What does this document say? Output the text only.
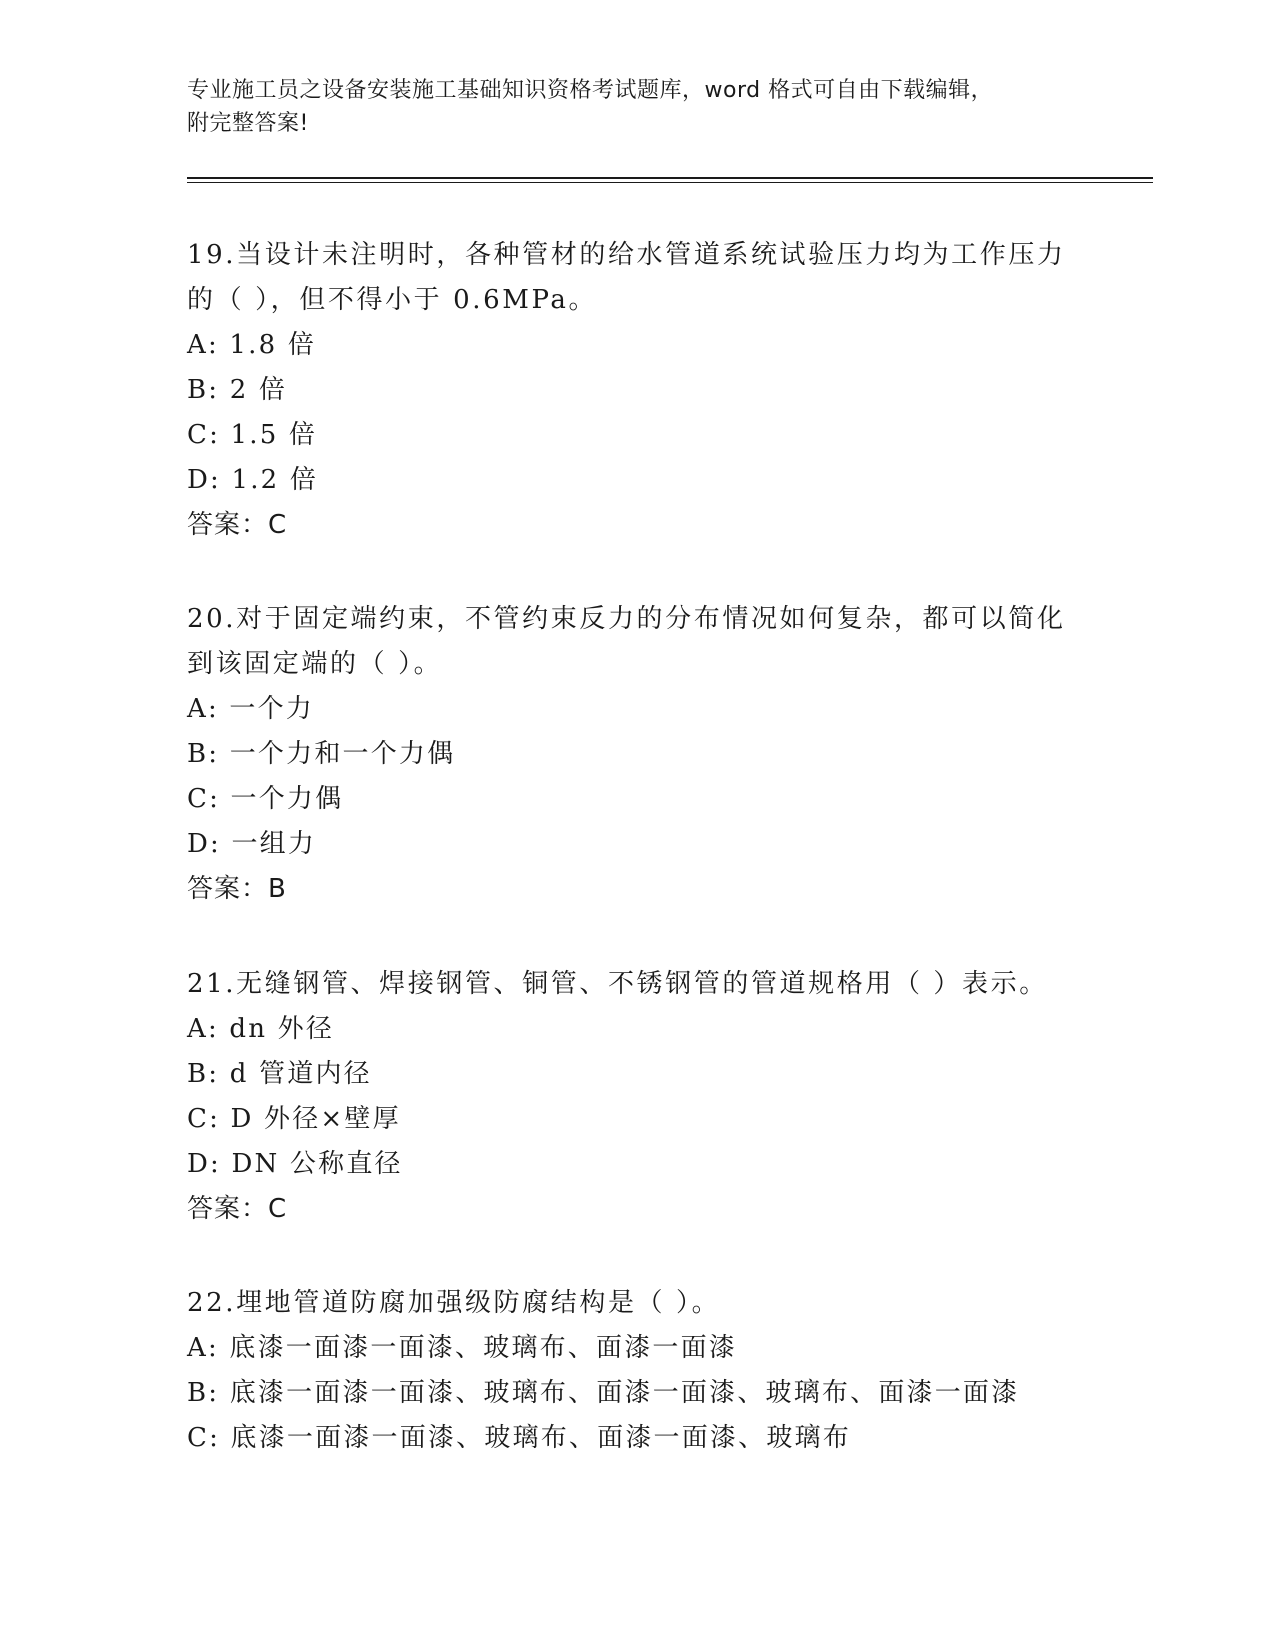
专业施工员之设备安装施工基础知识资格考试题库，word 格式可自由下载编辑，
附完整答案!

19.当设计未注明时，各种管材的给水管道系统试验压力均为工作压力

的（ ），但不得小于 0.6MPa。

A: 1.8 倍

B: 2 倍

C: 1.5 倍

D: 1.2 倍

答案：C

20.对于固定端约束，不管约束反力的分布情况如何复杂，都可以简化

到该固定端的（ ）。

A: 一个力

B: 一个力和一个力偶

C: 一个力偶

D: 一组力

答案：B

21.无缝钢管、焊接钢管、铜管、不锈钢管的管道规格用（ ）表示。

A: dn 外径

B: d 管道内径

C: D 外径×壁厚

D: DN 公称直径

答案：C

22.埋地管道防腐加强级防腐结构是（ ）。

A: 底漆一面漆一面漆、玻璃布、面漆一面漆

B: 底漆一面漆一面漆、玻璃布、面漆一面漆、玻璃布、面漆一面漆

C: 底漆一面漆一面漆、玻璃布、面漆一面漆、玻璃布
